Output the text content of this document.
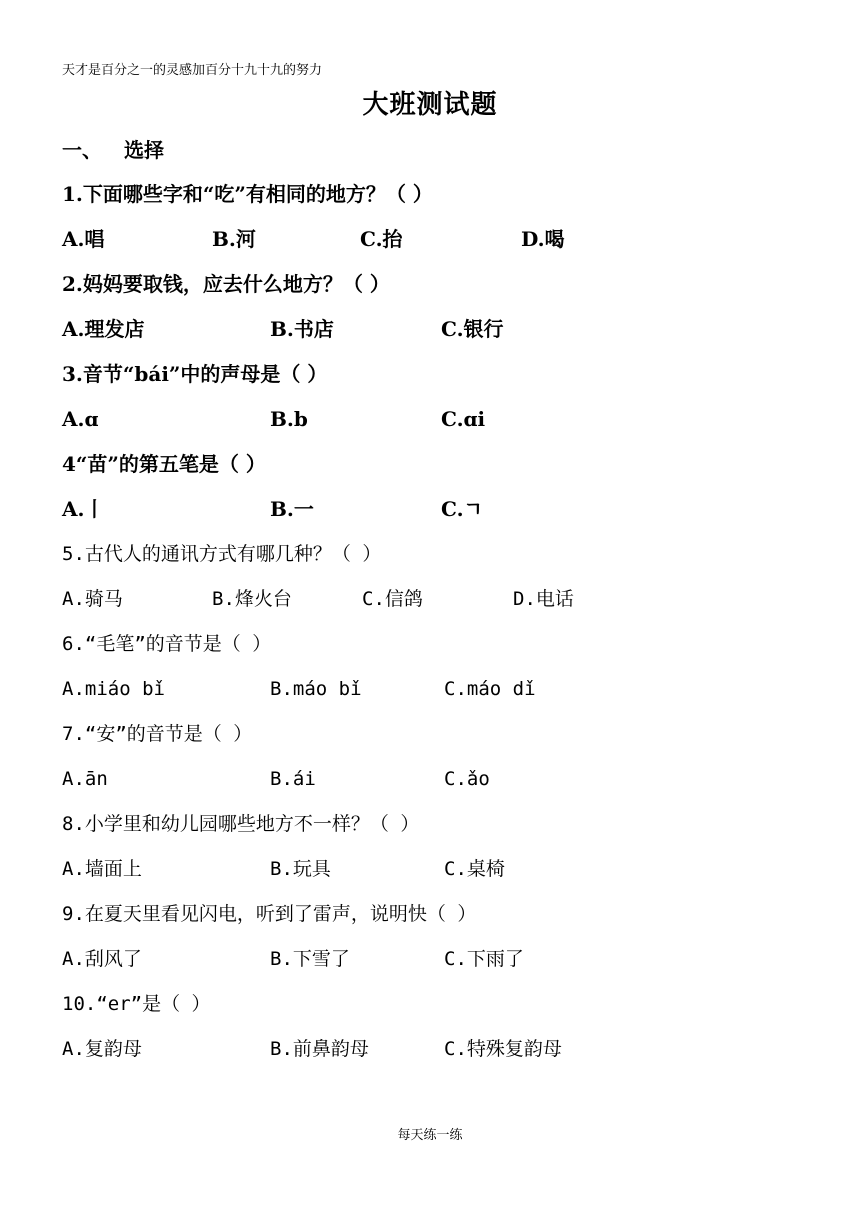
天才是百分之一的灵感加百分十九十九的努力
大班测试题
一、 选择
1.下面哪些字和“吃”有相同的地方？（ ）
A.唱	B.河	C.抬	D.喝
2.妈妈要取钱，应去什么地方？（ ）
A.理发店	B.书店	C.银行
3.音节“bái”中的声母是（ ）
A.ɑ	B.b	C.ɑi
4“苗”的第五笔是（ ）
A.丨	B.一	C.ㄱ
5.古代人的通讯方式有哪几种？（ ）
A.骑马	B.烽火台	C.信鸽	D.电话
6.“毛笔”的音节是（ ）
A.miáo bǐ	B.máo bǐ	C.máo dǐ
7.“安”的音节是（ ）
A.ān	B.ái	C.ǎo
8.小学里和幼儿园哪些地方不一样？（ ）
A.墙面上	B.玩具	C.桌椅
9.在夏天里看见闪电，听到了雷声，说明快（ ）
A.刮风了	B.下雪了	C.下雨了
10.“er”是（ ）
A.复韵母	B.前鼻韵母	C.特殊复韵母
每天练一练
